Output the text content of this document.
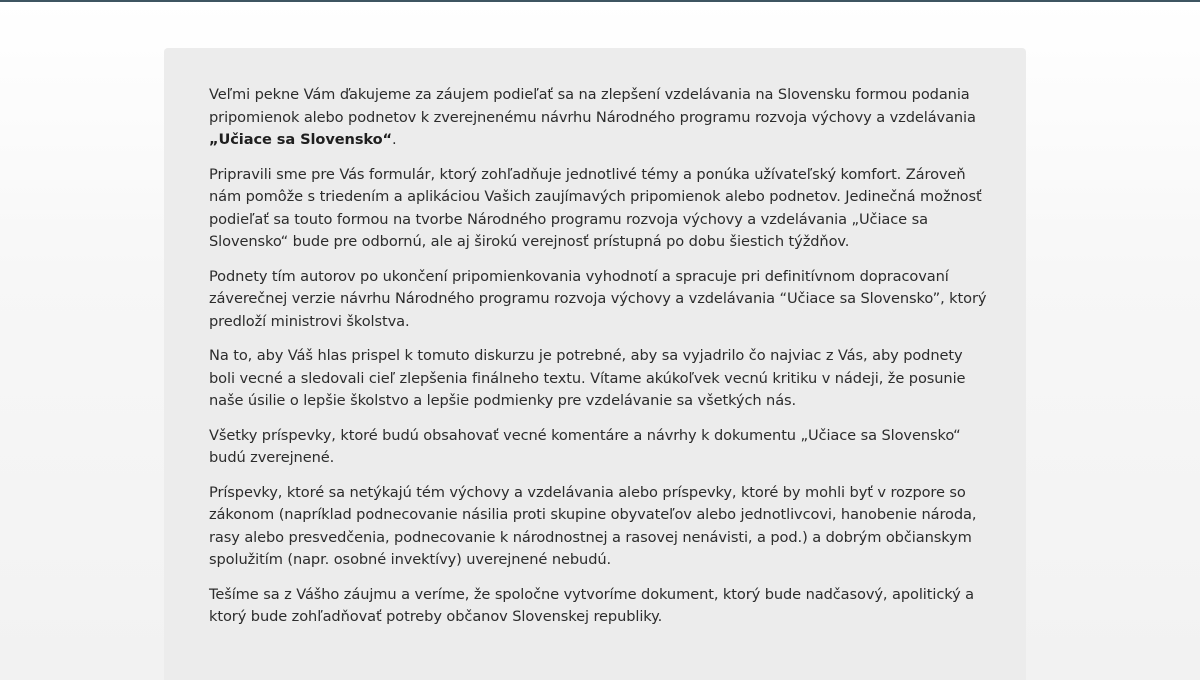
Veľmi pekne Vám ďakujeme za záujem podieľať sa na zlepšení vzdelávania na Slovensku formou podania pripomienok alebo podnetov k zverejnenému návrhu Národného programu rozvoja výchovy a vzdelávania „Učiace sa Slovensko“.

Pripravili sme pre Vás formulár, ktorý zohľadňuje jednotlivé témy a ponúka užívateľský komfort. Zároveň nám pomôže s triedením a aplikáciou Vašich zaujímavých pripomienok alebo podnetov. Jedinečná možnosť podieľať sa touto formou na tvorbe Národného programu rozvoja výchovy a vzdelávania „Učiace sa Slovensko“ bude pre odbornú, ale aj širokú verejnosť prístupná po dobu šiestich týždňov.

Podnety tím autorov po ukončení pripomienkovania vyhodnotí a spracuje pri definitívnom dopracovaní záverečnej verzie návrhu Národného programu rozvoja výchovy a vzdelávania “Učiace sa Slovensko”, ktorý predloží ministrovi školstva.

Na to, aby Váš hlas prispel k tomuto diskurzu je potrebné, aby sa vyjadrilo čo najviac z Vás, aby podnety boli vecné a sledovali cieľ zlepšenia finálneho textu. Vítame akúkoľvek vecnú kritiku v nádeji, že posunie naše úsilie o lepšie školstvo a lepšie podmienky pre vzdelávanie sa všetkých nás.

Všetky príspevky, ktoré budú obsahovať vecné komentáre a návrhy k dokumentu „Učiace sa Slovensko“ budú zverejnené.

Príspevky, ktoré sa netýkajú tém výchovy a vzdelávania alebo príspevky, ktoré by mohli byť v rozpore so zákonom (napríklad podnecovanie násilia proti skupine obyvateľov alebo jednotlivcovi, hanobenie národa, rasy alebo presvedčenia, podnecovanie k národnostnej a rasovej nenávisti, a pod.) a dobrým občianskym spolužitím (napr. osobné invektívy) uverejnené nebudú.

Tešíme sa z Vášho záujmu a veríme, že spoločne vytvoríme dokument, ktorý bude nadčasový, apolitický a ktorý bude zohľadňovať potreby občanov Slovenskej republiky.
